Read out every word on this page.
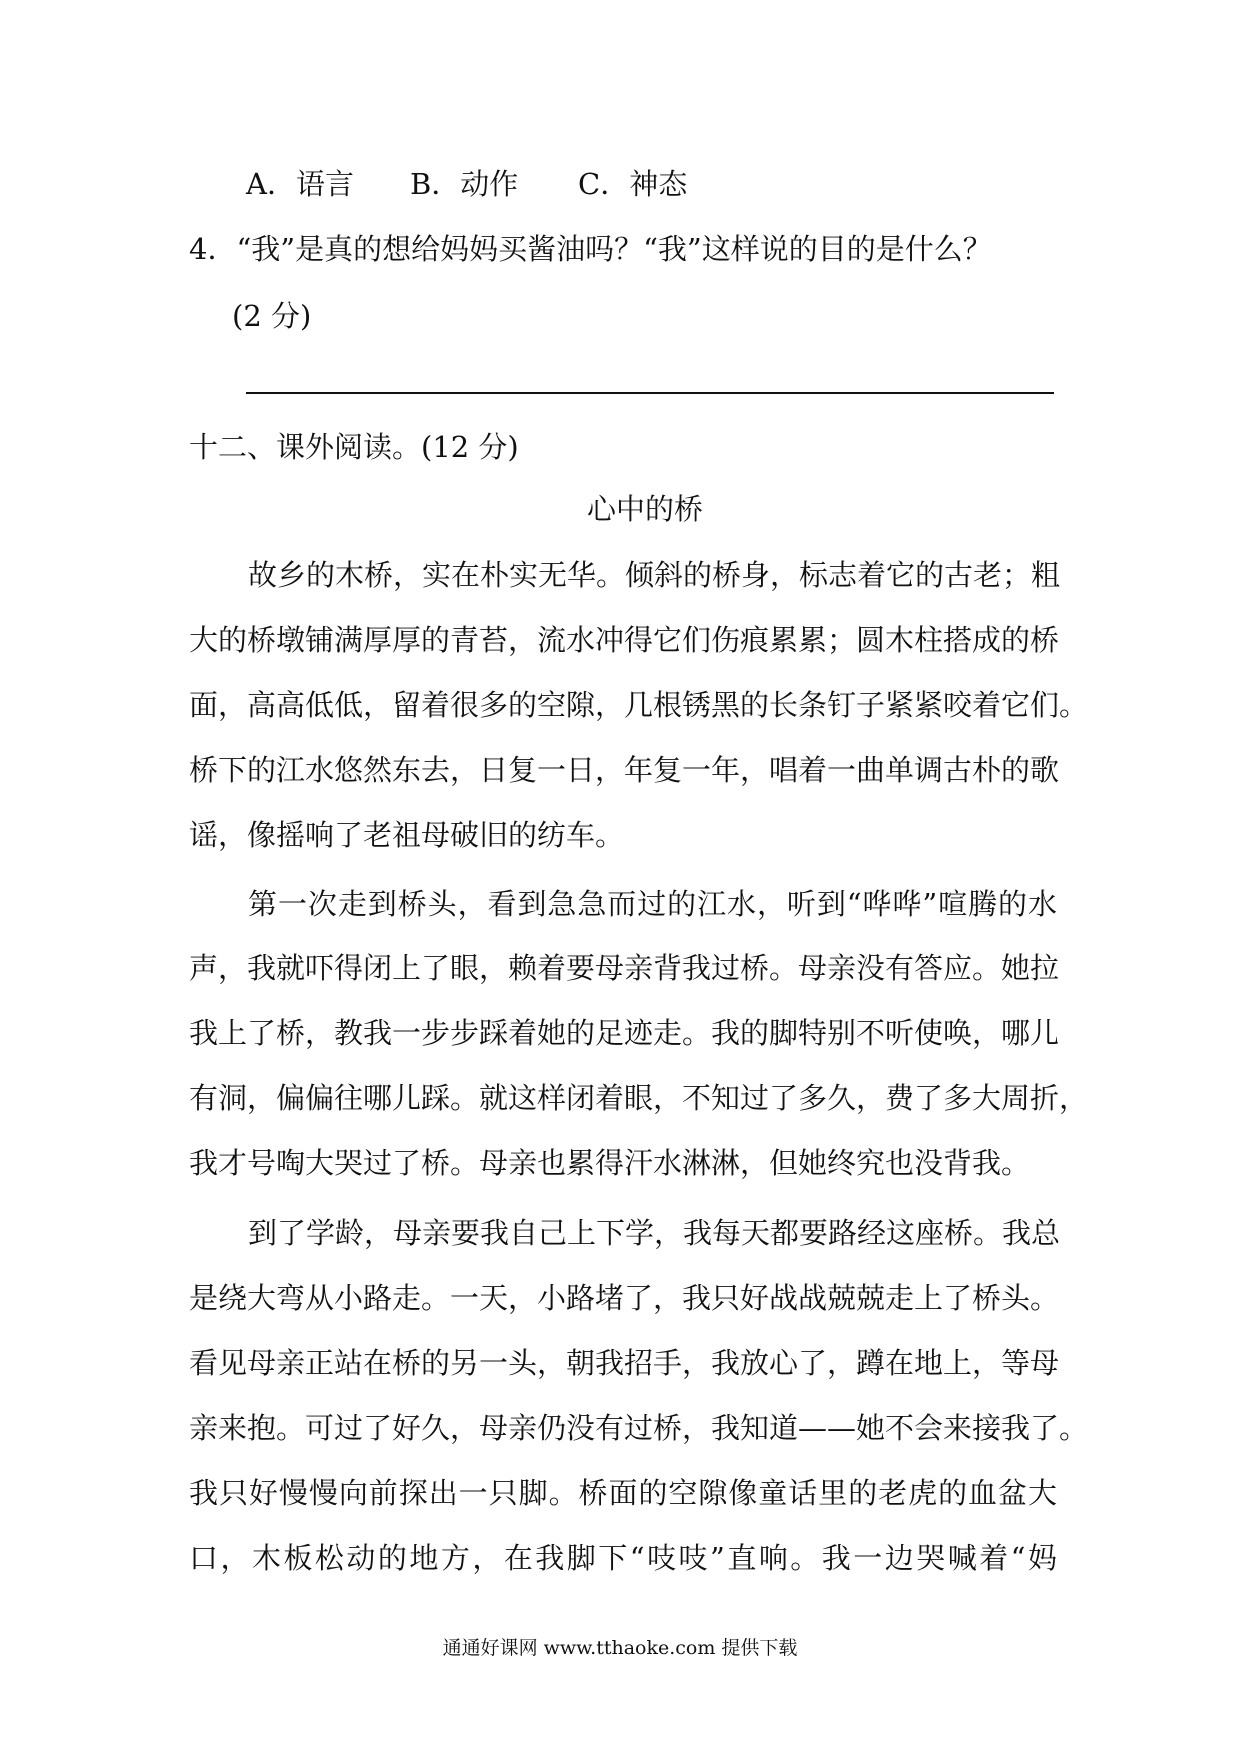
A．语言 B．动作 C．神态
4．“我”是真的想给妈妈买酱油吗？“我”这样说的目的是什么？
(2 分)
十二、课外阅读。(12 分)
心中的桥
故乡的木桥，实在朴实无华。倾斜的桥身，标志着它的古老；粗
大的桥墩铺满厚厚的青苔，流水冲得它们伤痕累累；圆木柱搭成的桥
面，高高低低，留着很多的空隙，几根锈黑的长条钉子紧紧咬着它们。
桥下的江水悠然东去，日复一日，年复一年，唱着一曲单调古朴的歌
谣，像摇响了老祖母破旧的纺车。
第一次走到桥头，看到急急而过的江水，听到“哗哗”喧腾的水
声，我就吓得闭上了眼，赖着要母亲背我过桥。母亲没有答应。她拉
我上了桥，教我一步步踩着她的足迹走。我的脚特别不听使唤，哪儿
有洞，偏偏往哪儿踩。就这样闭着眼，不知过了多久，费了多大周折，
我才号啕大哭过了桥。母亲也累得汗水淋淋，但她终究也没背我。
到了学龄，母亲要我自己上下学，我每天都要路经这座桥。我总
是绕大弯从小路走。一天，小路堵了，我只好战战兢兢走上了桥头。
看见母亲正站在桥的另一头，朝我招手，我放心了，蹲在地上，等母
亲来抱。可过了好久，母亲仍没有过桥，我知道——她不会来接我了。
我只好慢慢向前探出一只脚。桥面的空隙像童话里的老虎的血盆大
口，木板松动的地方，在我脚下“吱吱”直响。我一边哭喊着“妈
通通好课网 www.tthaoke.com 提供下载
